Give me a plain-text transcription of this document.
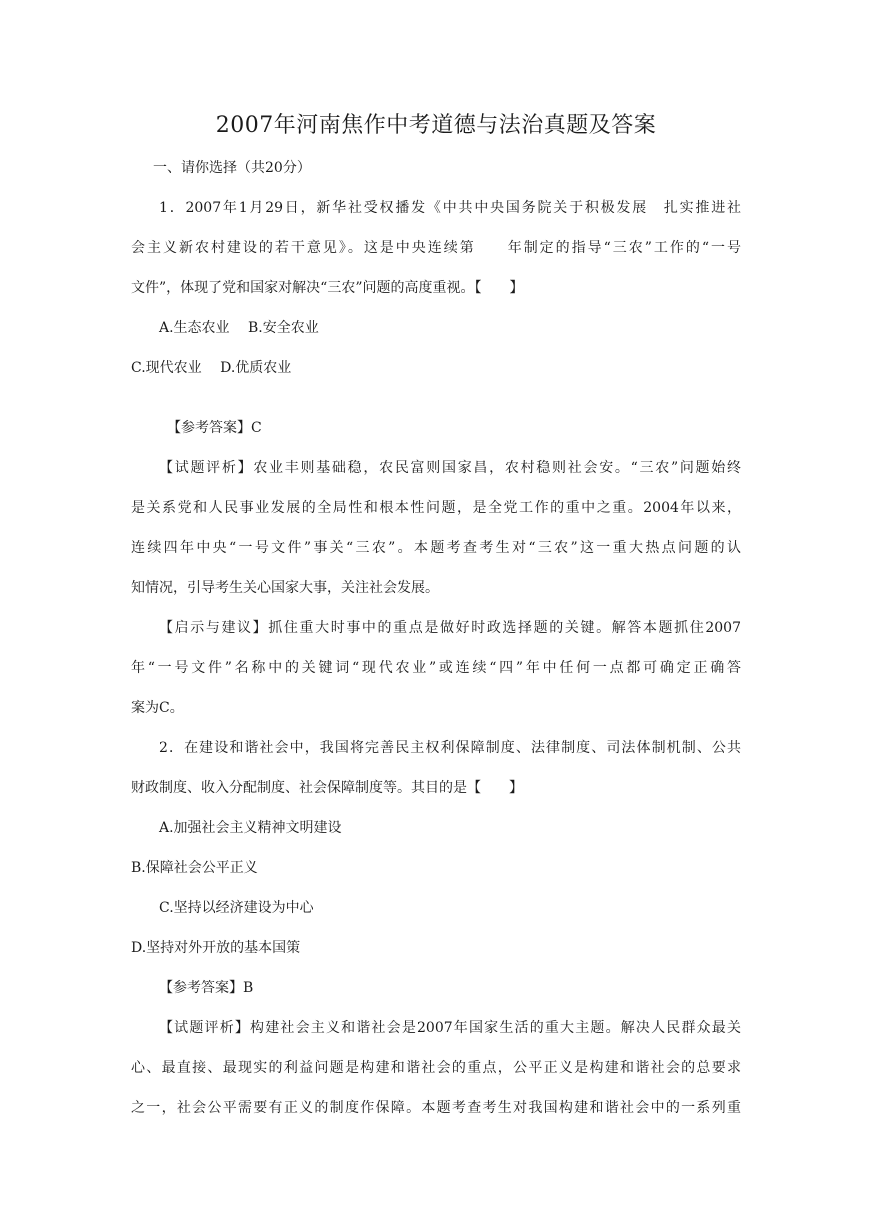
2007年河南焦作中考道德与法治真题及答案
一、请你选择（共20分）
1．2007年1月29日，新华社受权播发《中共中央国务院关于积极发展　扎实推进社
会主义新农村建设的若干意见》。这是中央连续第　　年制定的指导“三农”工作的“一号
文件”，体现了党和国家对解决“三农”问题的高度重视。【　　】
A.生态农业　 B.安全农业
C.现代农业　 D.优质农业
【参考答案】C
【试题评析】农业丰则基础稳，农民富则国家昌，农村稳则社会安。“三农”问题始终
是关系党和人民事业发展的全局性和根本性问题，是全党工作的重中之重。2004年以来，
连续四年中央“一号文件”事关“三农”。本题考查考生对“三农”这一重大热点问题的认
知情况，引导考生关心国家大事，关注社会发展。
【启示与建议】抓住重大时事中的重点是做好时政选择题的关键。解答本题抓住2007
年“一号文件”名称中的关键词“现代农业”或连续“四”年中任何一点都可确定正确答
案为C。
2．在建设和谐社会中，我国将完善民主权利保障制度、法律制度、司法体制机制、公共
财政制度、收入分配制度、社会保障制度等。其目的是【　　】
A.加强社会主义精神文明建设
B.保障社会公平正义
C.坚持以经济建设为中心
D.坚持对外开放的基本国策
【参考答案】B
【试题评析】构建社会主义和谐社会是2007年国家生活的重大主题。解决人民群众最关
心、最直接、最现实的利益问题是构建和谐社会的重点，公平正义是构建和谐社会的总要求
之一，社会公平需要有正义的制度作保障。本题考查考生对我国构建和谐社会中的一系列重
